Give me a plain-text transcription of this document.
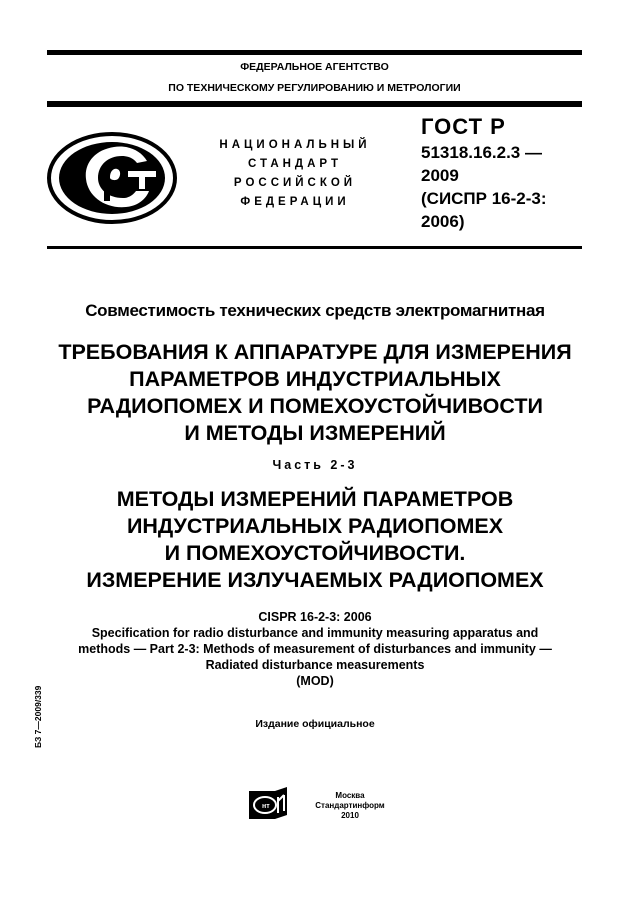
ФЕДЕРАЛЬНОЕ АГЕНТСТВО
ПО ТЕХНИЧЕСКОМУ РЕГУЛИРОВАНИЮ И МЕТРОЛОГИИ
НАЦИОНАЛЬНЫЙ
СТАНДАРТ
РОССИЙСКОЙ
ФЕДЕРАЦИИ
ГОСТ Р
51318.16.2.3 —
2009
(СИСПР 16-2-3:
2006)
Совместимость технических средств электромагнитная
ТРЕБОВАНИЯ К АППАРАТУРЕ ДЛЯ ИЗМЕРЕНИЯ
ПАРАМЕТРОВ ИНДУСТРИАЛЬНЫХ
РАДИОПОМЕХ И ПОМЕХОУСТОЙЧИВОСТИ
И МЕТОДЫ ИЗМЕРЕНИЙ
Часть 2-3
МЕТОДЫ ИЗМЕРЕНИЙ ПАРАМЕТРОВ
ИНДУСТРИАЛЬНЫХ РАДИОПОМЕХ
И ПОМЕХОУСТОЙЧИВОСТИ.
ИЗМЕРЕНИЕ ИЗЛУЧАЕМЫХ РАДИОПОМЕХ
CISPR 16-2-3: 2006
Specification for radio disturbance and immunity measuring apparatus and
methods — Part 2-3: Methods of measurement of disturbances and immunity —
Radiated disturbance measurements
(MOD)
БЗ 7—2009/339	Издание официальное
нт
Москва
Стандартинформ
2010
